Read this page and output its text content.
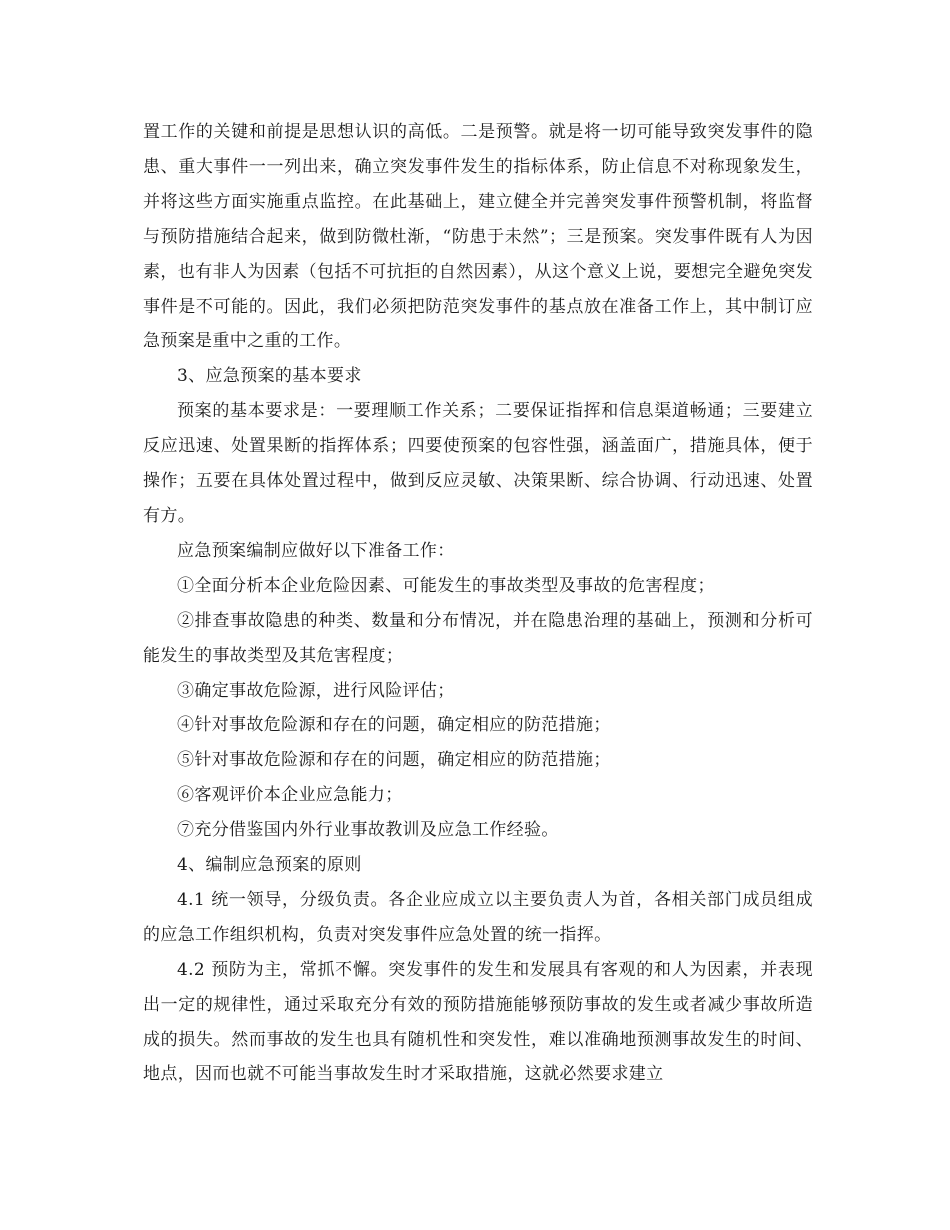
置工作的关键和前提是思想认识的高低。二是预警。就是将一切可能导致突发事件的隐患、重大事件一一列出来，确立突发事件发生的指标体系，防止信息不对称现象发生，并将这些方面实施重点监控。在此基础上，建立健全并完善突发事件预警机制，将监督与预防措施结合起来，做到防微杜渐，“防患于未然”；三是预案。突发事件既有人为因素，也有非人为因素（包括不可抗拒的自然因素），从这个意义上说，要想完全避免突发事件是不可能的。因此，我们必须把防范突发事件的基点放在准备工作上，其中制订应急预案是重中之重的工作。

3、应急预案的基本要求

预案的基本要求是：一要理顺工作关系；二要保证指挥和信息渠道畅通；三要建立反应迅速、处置果断的指挥体系；四要使预案的包容性强，涵盖面广，措施具体，便于操作；五要在具体处置过程中，做到反应灵敏、决策果断、综合协调、行动迅速、处置有方。

应急预案编制应做好以下准备工作：

①全面分析本企业危险因素、可能发生的事故类型及事故的危害程度；

②排查事故隐患的种类、数量和分布情况，并在隐患治理的基础上，预测和分析可能发生的事故类型及其危害程度；

③确定事故危险源，进行风险评估；

④针对事故危险源和存在的问题，确定相应的防范措施；

⑤针对事故危险源和存在的问题，确定相应的防范措施；

⑥客观评价本企业应急能力；

⑦充分借鉴国内外行业事故教训及应急工作经验。

4、编制应急预案的原则

4.1 统一领导，分级负责。各企业应成立以主要负责人为首，各相关部门成员组成的应急工作组织机构，负责对突发事件应急处置的统一指挥。

4.2 预防为主，常抓不懈。突发事件的发生和发展具有客观的和人为因素，并表现出一定的规律性，通过采取充分有效的预防措施能够预防事故的发生或者减少事故所造成的损失。然而事故的发生也具有随机性和突发性，难以准确地预测事故发生的时间、地点，因而也就不可能当事故发生时才采取措施，这就必然要求建立
